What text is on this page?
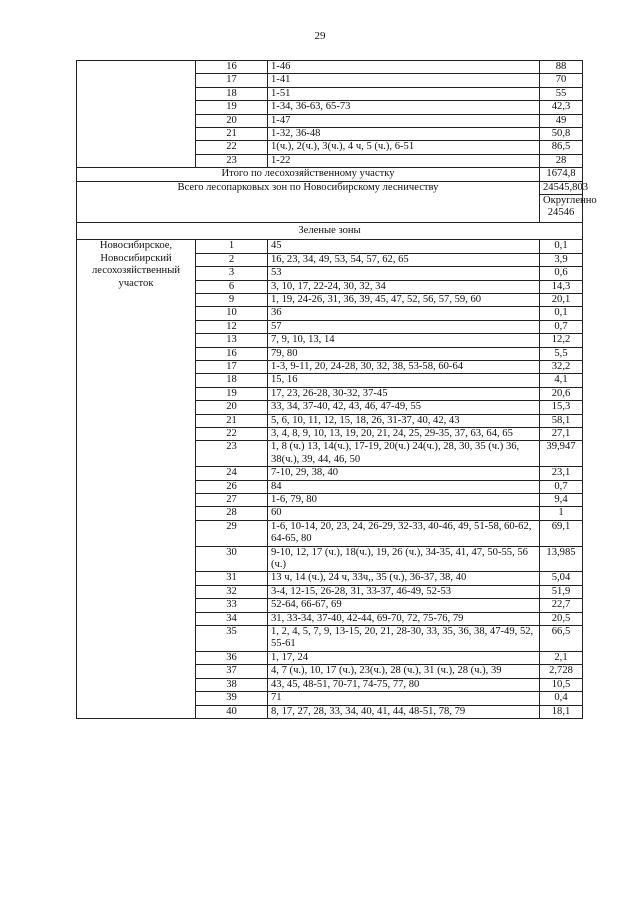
29
	16	1-46	88
	17	1-41	70
	18	1-51	55
	19	1-34, 36-63, 65-73	42,3
	20	1-47	49
	21	1-32, 36-48	50,8
	22	1(ч.), 2(ч.), 3(ч.), 4 ч, 5 (ч.), 6-51	86,5
	23	1-22	28
Итого по лесохозяйственному участку			1674,8
Всего лесопарковых зон по Новосибирскому лесничеству			24545,803
			Округленно 24546
Зеленые зоны			
Новосибирское, Новосибирский лесохозяйственный участок	1	45	0,1
	2	16, 23, 34, 49, 53, 54, 57, 62, 65	3,9
	3	53	0,6
	6	3, 10, 17, 22-24, 30, 32, 34	14,3
	9	1, 19, 24-26, 31, 36, 39, 45, 47, 52, 56, 57, 59, 60	20,1
	10	36	0,1
	12	57	0,7
	13	7, 9, 10, 13, 14	12,2
	16	79, 80	5,5
	17	1-3, 9-11, 20, 24-28, 30, 32, 38, 53-58, 60-64	32,2
	18	15, 16	4,1
	19	17, 23, 26-28, 30-32, 37-45	20,6
	20	33, 34, 37-40, 42, 43, 46, 47-49, 55	15,3
	21	5, 6, 10, 11, 12, 15, 18, 26, 31-37, 40, 42, 43	58,1
	22	3, 4, 8, 9, 10, 13, 19, 20, 21, 24, 25, 29-35, 37, 63, 64, 65	27,1
	23	1, 8 (ч.) 13, 14(ч.), 17-19, 20(ч.) 24(ч.), 28, 30, 35 (ч.) 36, 38(ч.), 39, 44, 46, 50	39,947
	24	7-10, 29, 38, 40	23,1
	26	84	0,7
	27	1-6, 79, 80	9,4
	28	60	1
	29	1-6, 10-14, 20, 23, 24, 26-29, 32-33, 40-46, 49, 51-58, 60-62, 64-65, 80	69,1
	30	9-10, 12, 17 (ч.), 18(ч.), 19, 26 (ч.), 34-35, 41, 47, 50-55, 56 (ч.)	13,985
	31	13 ч, 14 (ч.), 24 ч, 33ч,, 35 (ч.), 36-37, 38, 40	5,04
	32	3-4, 12-15, 26-28, 31, 33-37, 46-49, 52-53	51,9
	33	52-64, 66-67, 69	22,7
	34	31, 33-34, 37-40, 42-44, 69-70, 72, 75-76, 79	20,5
	35	1, 2, 4, 5, 7, 9, 13-15, 20, 21, 28-30, 33, 35, 36, 38, 47-49, 52, 55-61	66,5
	36	1, 17, 24	2,1
	37	4, 7 (ч.), 10, 17 (ч.), 23(ч.), 28 (ч.), 31 (ч.), 28 (ч.), 39	2,728
	38	43, 45, 48-51, 70-71, 74-75, 77, 80	10,5
	39	71	0,4
	40	8, 17, 27, 28, 33, 34, 40, 41, 44, 48-51, 78, 79	18,1
